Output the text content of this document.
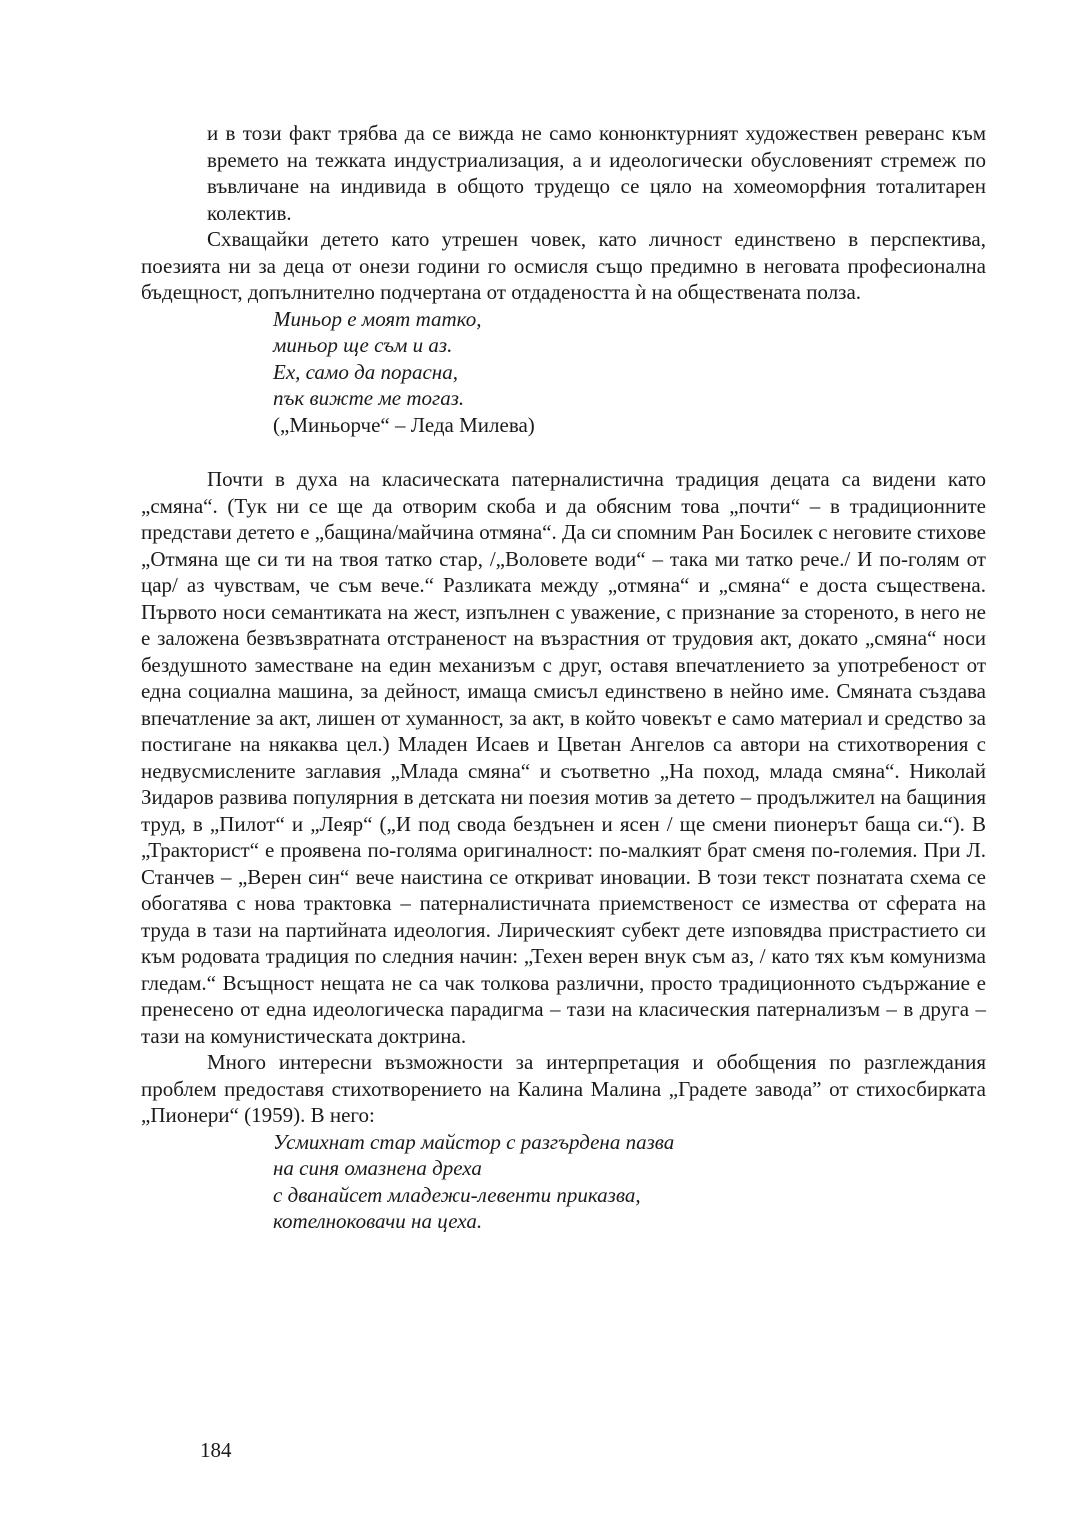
и в този факт трябва да се вижда не само конюнктурният художествен реверанс към времето на тежката индустриализация, а и идеологически обусловеният стремеж по въвличане на индивида в общото трудещо се цяло на хомеоморфния тоталитарен колектив.

Схващайки детето като утрешен човек, като личност единствено в перспектива, поезията ни за деца от онези години го осмисля също предимно в неговата професионална бъдещност, допълнително подчертана от отдадеността ѝ на обществената полза.

Миньор е моят татко,
миньор ще съм и аз.
Ех, само да порасна,
пък вижте ме тогаз.
(„Миньорче“ – Леда Милева)

Почти в духа на класическата патерналистична традиция децата са видени като „смяна“. (Тук ни се ще да отворим скоба и да обясним това „почти“ – в традиционните представи детето е „бащина/майчина отмяна“. Да си спомним Ран Босилек с неговите стихове „Отмяна ще си ти на твоя татко стар, /„Воловете води“ – така ми татко рече./ И по-голям от цар/ аз чувствам, че съм вече.“ Разликата между „отмяна“ и „смяна“ е доста съществена. Първото носи семантиката на жест, изпълнен с уважение, с признание за стореното, в него не е заложена безвъзвратната отстраненост на възрастния от трудовия акт, докато „смяна“ носи бездушното заместване на един механизъм с друг, оставя впечатлението за употребеност от една социална машина, за дейност, имаща смисъл единствено в нейно име. Смяната създава впечатление за акт, лишен от хуманност, за акт, в който човекът е само материал и средство за постигане на някаква цел.) Младен Исаев и Цветан Ангелов са автори на стихотворения с недвусмислените заглавия „Млада смяна“ и съответно „На поход, млада смяна“. Николай Зидаров развива популярния в детската ни поезия мотив за детето – продължител на бащиния труд, в „Пилот“ и „Леяр“ („И под свода бездънен и ясен / ще смени пионерът баща си.“). В „Тракторист“ е проявена по-голяма оригиналност: по-малкият брат сменя по-големия. При Л. Станчев – „Верен син“ вече наистина се откриват иновации. В този текст познатата схема се обогатява с нова трактовка – патерналистичната приемственост се измества от сферата на труда в тази на партийната идеология. Лирическият субект дете изповядва пристрастието си към родовата традиция по следния начин: „Техен верен внук съм аз, / като тях към комунизма гледам.“ Всъщност нещата не са чак толкова различни, просто традиционното съдържание е пренесено от една идеологическа парадигма – тази на класическия патернализъм – в друга – тази на комунистическата доктрина.

Много интересни възможности за интерпретация и обобщения по разглеждания проблем предоставя стихотворението на Калина Малина „Градете завода” от стихосбирката „Пионери“ (1959). В него:

Усмихнат стар майстор с разгърдена пазва
на синя омазнена дреха
с дванайсет младежи-левенти приказва,
котелноковачи на цеха.
184
